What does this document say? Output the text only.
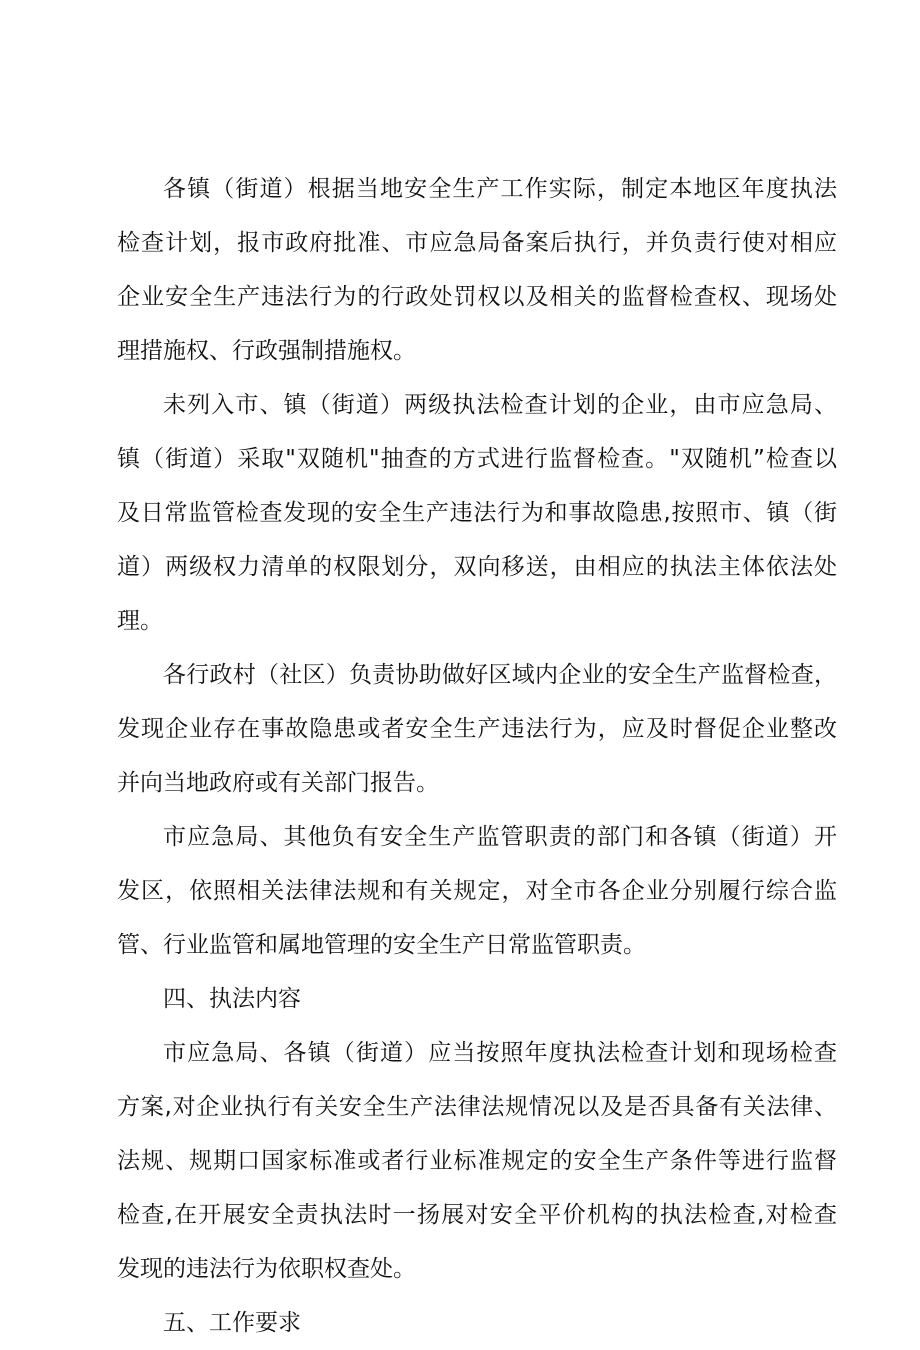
各镇（街道）根据当地安全生产工作实际，制定本地区年度执法
检查计划，报市政府批准、市应急局备案后执行，并负责行使对相应
企业安全生产违法行为的行政处罚权以及相关的监督检查权、现场处
理措施权、行政强制措施权。
未列入市、镇（街道）两级执法检查计划的企业，由市应急局、
镇（街道）采取"双随机"抽查的方式进行监督检查。"双随机”检查以
及日常监管检查发现的安全生产违法行为和事故隐患,按照市、镇（街
道）两级权力清单的权限划分，双向移送，由相应的执法主体依法处
理。
各行政村（社区）负责协助做好区域内企业的安全生产监督检查，
发现企业存在事故隐患或者安全生产违法行为，应及时督促企业整改
并向当地政府或有关部门报告。
市应急局、其他负有安全生产监管职责的部门和各镇（街道）开
发区，依照相关法律法规和有关规定，对全市各企业分别履行综合监
管、行业监管和属地管理的安全生产日常监管职责。
四、执法内容
市应急局、各镇（街道）应当按照年度执法检查计划和现场检查
方案,对企业执行有关安全生产法律法规情况以及是否具备有关法律、
法规、规期口国家标准或者行业标准规定的安全生产条件等进行监督
检查,在开展安全责执法时一扬展对安全平价机构的执法检查,对检查
发现的违法行为依职权查处。
五、工作要求
